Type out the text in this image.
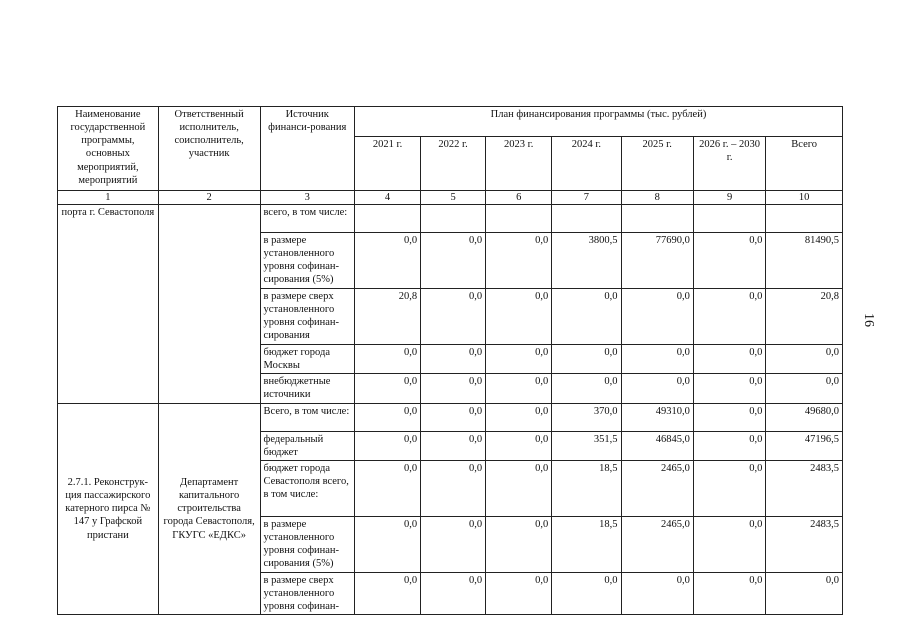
16
Наименование государственной программы, основных мероприятий, мероприятий	Ответственный исполнитель, соисполнитель, участник	Источник финанси-рования	План финансирования программы (тыс. рублей)						
			2021 г.	2022 г.	2023 г.	2024 г.	2025 г.	2026 г. – 2030 г.	Всего
1	2	3	4	5	6	7	8	9	10
порта г. Севастополя		всего, в том числе:							
		в размере установленного уровня софинан-сирования (5%)	0,0	0,0	0,0	3800,5	77690,0	0,0	81490,5
		в размере сверх установленного уровня софинан-сирования	20,8	0,0	0,0	0,0	0,0	0,0	20,8
		бюджет города Москвы	0,0	0,0	0,0	0,0	0,0	0,0	0,0
		внебюджетные источники	0,0	0,0	0,0	0,0	0,0	0,0	0,0
2.7.1. Реконструк-ция пассажирского катерного пирса № 147 у Графской пристани	Департамент капитального строительства города Севастополя, ГКУГС «ЕДКС»	Всего, в том числе:	0,0	0,0	0,0	370,0	49310,0	0,0	49680,0
		федеральный бюджет	0,0	0,0	0,0	351,5	46845,0	0,0	47196,5
		бюджет города Севастополя всего, в том числе:	0,0	0,0	0,0	18,5	2465,0	0,0	2483,5
		в размере установленного уровня софинан-сирования (5%)	0,0	0,0	0,0	18,5	2465,0	0,0	2483,5
		в размере сверх установленного уровня софинан-	0,0	0,0	0,0	0,0	0,0	0,0	0,0
